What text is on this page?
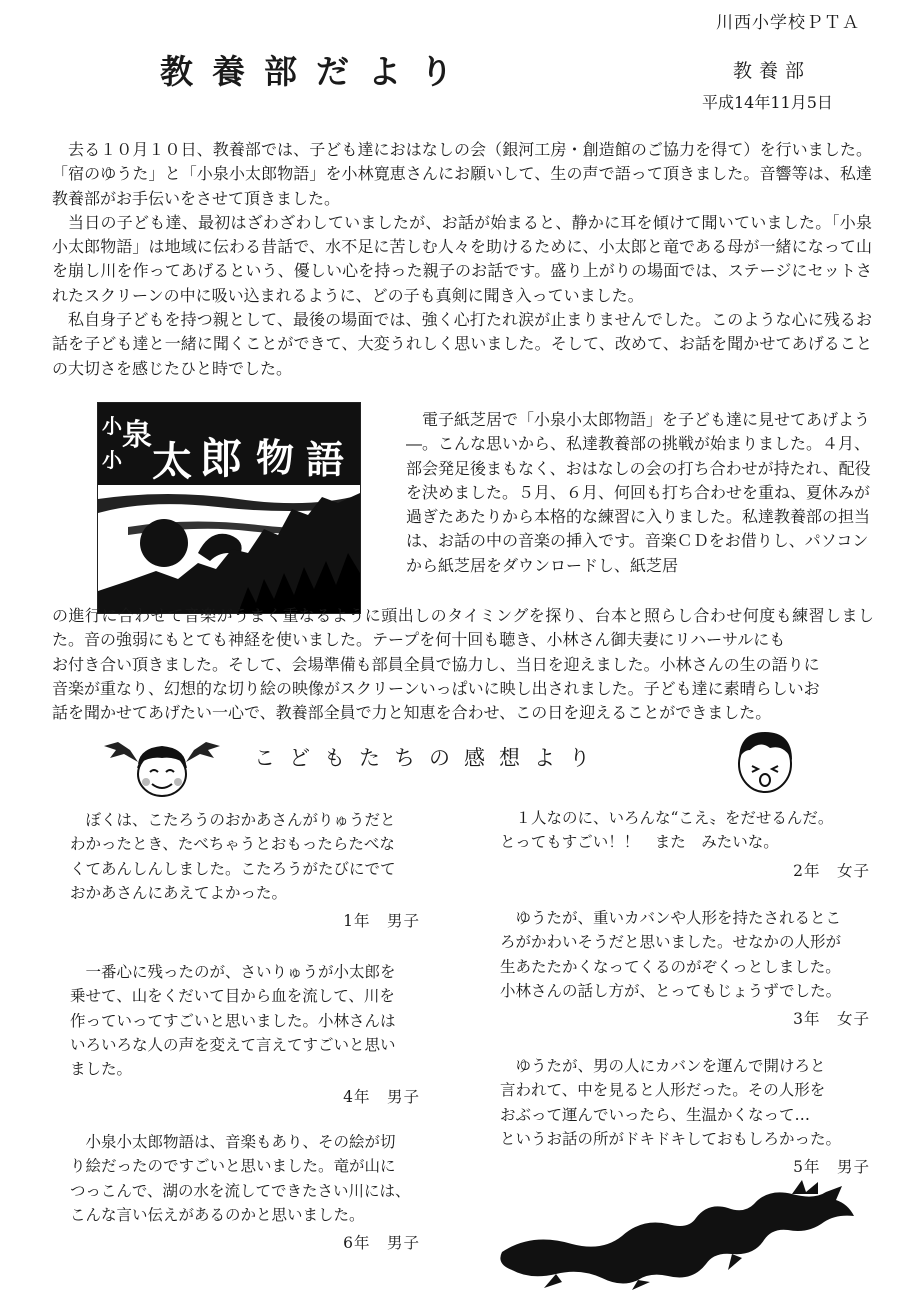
川西小学校ＰＴＡ
教養部だより	教養部
平成14年11月5日

去る１０月１０日、教養部では、子ども達におはなしの会（銀河工房・創造館のご協力を得て）を行いました。「宿のゆうた」と「小泉小太郎物語」を小林寛恵さんにお願いして、生の声で語って頂きました。音響等は、私達教養部がお手伝いをさせて頂きました。

当日の子ども達、最初はざわざわしていましたが、お話が始まると、静かに耳を傾けて聞いていました。「小泉小太郎物語」は地域に伝わる昔話で、水不足に苦しむ人々を助けるために、小太郎と竜である母が一緒になって山を崩し川を作ってあげるという、優しい心を持った親子のお話です。盛り上がりの場面では、ステージにセットされたスクリーンの中に吸い込まれるように、どの子も真剣に聞き入っていました。

私自身子どもを持つ親として、最後の場面では、強く心打たれ涙が止まりませんでした。このような心に残るお話を子ども達と一緒に聞くことができて、大変うれしく思いました。そして、改めて、お話を聞かせてあげることの大切さを感じたひと時でした。

小 泉
小 太 郎 物 語
電子紙芝居で「小泉小太郎物語」を子ども達に見せてあげよう―。こんな思いから、私達教養部の挑戦が始まりました。４月、部会発足後まもなく、おはなしの会の打ち合わせが持たれ、配役を決めました。５月、６月、何回も打ち合わせを重ね、夏休みが過ぎたあたりから本格的な練習に入りました。私達教養部の担当は、お話の中の音楽の挿入です。音楽ＣＤをお借りし、パソコンから紙芝居をダウンロードし、紙芝居
の進行に合わせて音楽がうまく重なるように頭出しのタイミングを探り、台本と照らし合わせ何度も練習しました。音の強弱にもとても神経を使いました。テープを何十回も聴き、小林さん御夫妻にリハーサルにも
お付き合い頂きました。そして、会場準備も部員全員で協力し、当日を迎えました。小林さんの生の語りに
音楽が重なり、幻想的な切り絵の映像がスクリーンいっぱいに映し出されました。子ども達に素晴らしいお
話を聞かせてあげたい一心で、教養部全員で力と知恵を合わせ、この日を迎えることができました。
こどもたちの感想より
ぼくは、こたろうのおかあさんがりゅうだと
わかったとき、たべちゃうとおもったらたべな
くてあんしんしました。こたろうがたびにでて
おかあさんにあえてよかった。
1年　男子
一番心に残ったのが、さいりゅうが小太郎を
乗せて、山をくだいて目から血を流して、川を
作っていってすごいと思いました。小林さんは
いろいろな人の声を変えて言えてすごいと思い
ました。
4年　男子
小泉小太郎物語は、音楽もあり、その絵が切
り絵だったのですごいと思いました。竜が山に
つっこんで、湖の水を流してできたさい川には、
こんな言い伝えがあるのかと思いました。
6年　男子
１人なのに、いろんな“こえ〟をだせるんだ。
とってもすごい！！　また　みたいな。
2年　女子
ゆうたが、重いカバンや人形を持たされるとこ
ろがかわいそうだと思いました。せなかの人形が
生あたたかくなってくるのがぞくっとしました。
小林さんの話し方が、とってもじょうずでした。
3年　女子
ゆうたが、男の人にカバンを運んで開けろと
言われて、中を見ると人形だった。その人形を
おぶって運んでいったら、生温かくなって…
というお話の所がドキドキしておもしろかった。
5年　男子
